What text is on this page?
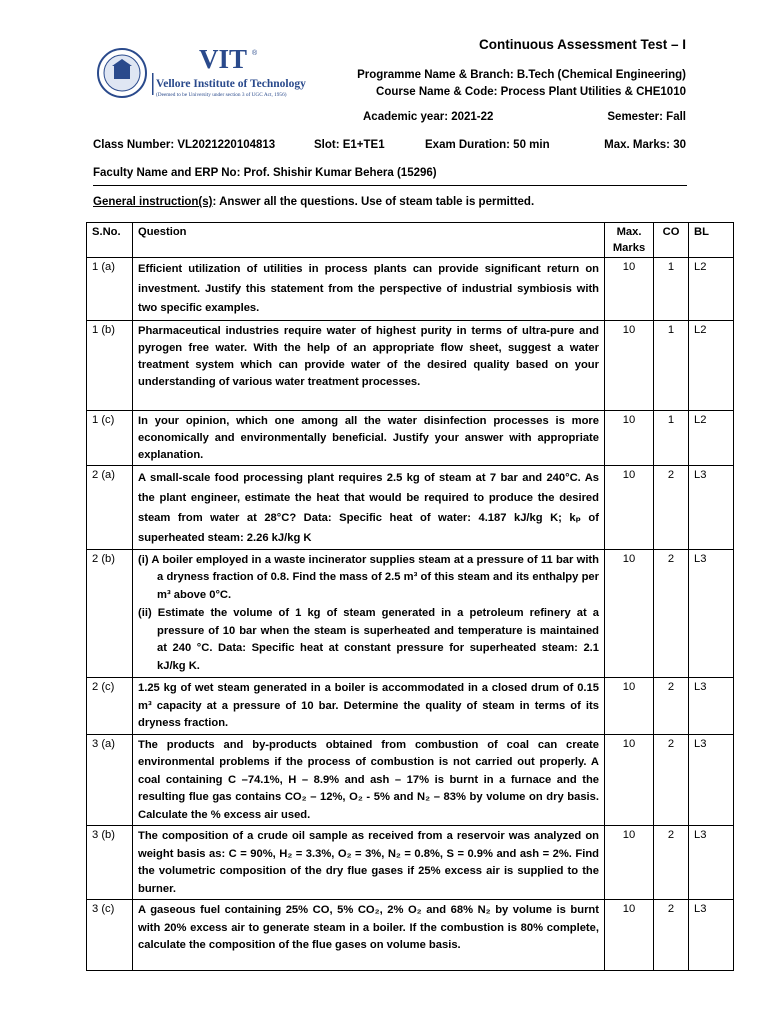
VIT ®
Vellore Institute of Technology
(Deemed to be University under section 3 of UGC Act, 1956)
Continuous Assessment Test – I
Programme Name & Branch: B.Tech (Chemical Engineering)
Course Name & Code: Process Plant Utilities & CHE1010
Academic year: 2021-22	Semester: Fall
Class Number: VL2021220104813	Slot: E1+TE1	Exam Duration: 50 min	Max. Marks: 30
Faculty Name and ERP No: Prof. Shishir Kumar Behera (15296)
General instruction(s): Answer all the questions. Use of steam table is permitted.
S.No.	Question	Max. Marks	CO	BL
1 (a)	Efficient utilization of utilities in process plants can provide significant return on investment. Justify this statement from the perspective of industrial symbiosis with two specific examples.	10	1	L2
1 (b)	Pharmaceutical industries require water of highest purity in terms of ultra-pure and pyrogen free water. With the help of an appropriate flow sheet, suggest a water treatment system which can provide water of the desired quality based on your understanding of various water treatment processes.	10	1	L2
1 (c)	In your opinion, which one among all the water disinfection processes is more economically and environmentally beneficial. Justify your answer with appropriate explanation.	10	1	L2
2 (a)	A small-scale food processing plant requires 2.5 kg of steam at 7 bar and 240°C. As the plant engineer, estimate the heat that would be required to produce the desired steam from water at 28°C? Data: Specific heat of water: 4.187 kJ/kg K; kₚ of superheated steam: 2.26 kJ/kg K	10	2	L3
2 (b)	(i) A boiler employed in a waste incinerator supplies steam at a pressure of 11 bar with a dryness fraction of 0.8. Find the mass of 2.5 m³ of this steam and its enthalpy per m³ above 0°C.
(ii) Estimate the volume of 1 kg of steam generated in a petroleum refinery at a pressure of 10 bar when the steam is superheated and temperature is maintained at 240 °C. Data: Specific heat at constant pressure for superheated steam: 2.1 kJ/kg K.	10	2	L3
2 (c)	1.25 kg of wet steam generated in a boiler is accommodated in a closed drum of 0.15 m³ capacity at a pressure of 10 bar. Determine the quality of steam in terms of its dryness fraction.	10	2	L3
3 (a)	The products and by-products obtained from combustion of coal can create environmental problems if the process of combustion is not carried out properly. A coal containing C –74.1%, H – 8.9% and ash – 17% is burnt in a furnace and the resulting flue gas contains CO₂ – 12%, O₂ - 5% and N₂ – 83% by volume on dry basis. Calculate the % excess air used.	10	2	L3
3 (b)	The composition of a crude oil sample as received from a reservoir was analyzed on weight basis as: C = 90%, H₂ = 3.3%, O₂ = 3%, N₂ = 0.8%, S = 0.9% and ash = 2%. Find the volumetric composition of the dry flue gases if 25% excess air is supplied to the burner.	10	2	L3
3 (c)	A gaseous fuel containing 25% CO, 5% CO₂, 2% O₂ and 68% N₂ by volume is burnt with 20% excess air to generate steam in a boiler. If the combustion is 80% complete, calculate the composition of the flue gases on volume basis.	10	2	L3
